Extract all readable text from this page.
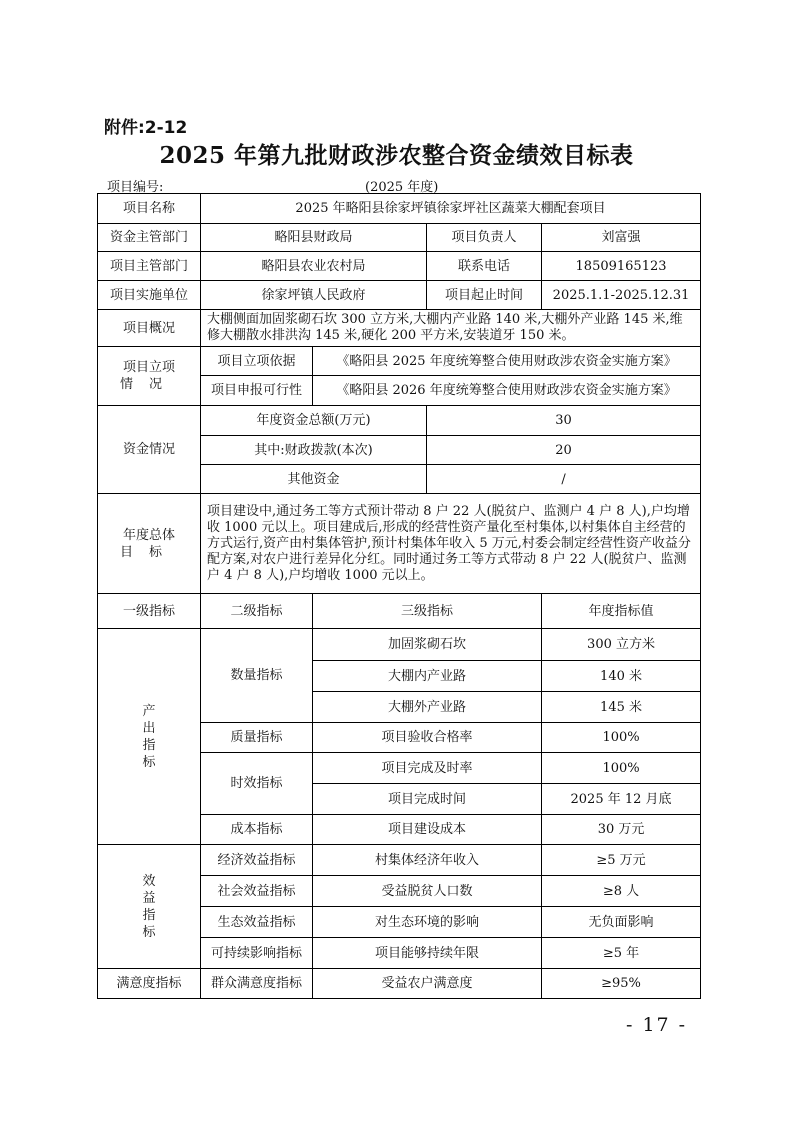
附件:2-12
2025 年第九批财政涉农整合资金绩效目标表
项目编号:	(2025 年度)
项目名称	2025 年略阳县徐家坪镇徐家坪社区蔬菜大棚配套项目			
资金主管部门	略阳县财政局		项目负责人	刘富强
项目主管部门	略阳县农业农村局		联系电话	18509165123
项目实施单位	徐家坪镇人民政府		项目起止时间	2025.1.1-2025.12.31
项目概况	大棚侧面加固浆砌石坎 300 立方米,大棚内产业路 140 米,大棚外产业路 145 米,维修大棚散水排洪沟 145 米,硬化 200 平方米,安装道牙 150 米。			

项目立项
情况	项目立项依据	《略阳县 2025 年度统筹整合使用财政涉农资金实施方案》		
	项目申报可行性	《略阳县 2026 年度统筹整合使用财政涉农资金实施方案》		
资金情况	年度资金总额(万元)		30	
	其中:财政拨款(本次)		20	
	其他资金		/	

年度总体
目标	项目建设中,通过务工等方式预计带动 8 户 22 人(脱贫户、监测户 4 户 8 人),户均增收 1000 元以上。项目建成后,形成的经营性资产量化至村集体,以村集体自主经营的方式运行,资产由村集体管护,预计村集体年收入 5 万元,村委会制定经营性资产收益分配方案,对农户进行差异化分红。同时通过务工等方式带动 8 户 22 人(脱贫户、监测户 4 户 8 人),户均增收 1000 元以上。			
一级指标	二级指标	三级指标		年度指标值

产
出
指
标	数量指标	加固浆砌石坎		300 立方米
		大棚内产业路		140 米
		大棚外产业路		145 米
	质量指标	项目验收合格率		100%
	时效指标	项目完成及时率		100%
		项目完成时间		2025 年 12 月底
	成本指标	项目建设成本		30 万元

效
益
指
标	经济效益指标	村集体经济年收入		≥5 万元
	社会效益指标	受益脱贫人口数		≥8 人
	生态效益指标	对生态环境的影响		无负面影响
	可持续影响指标	项目能够持续年限		≥5 年
满意度指标	群众满意度指标	受益农户满意度		≥95%
- 17 -
